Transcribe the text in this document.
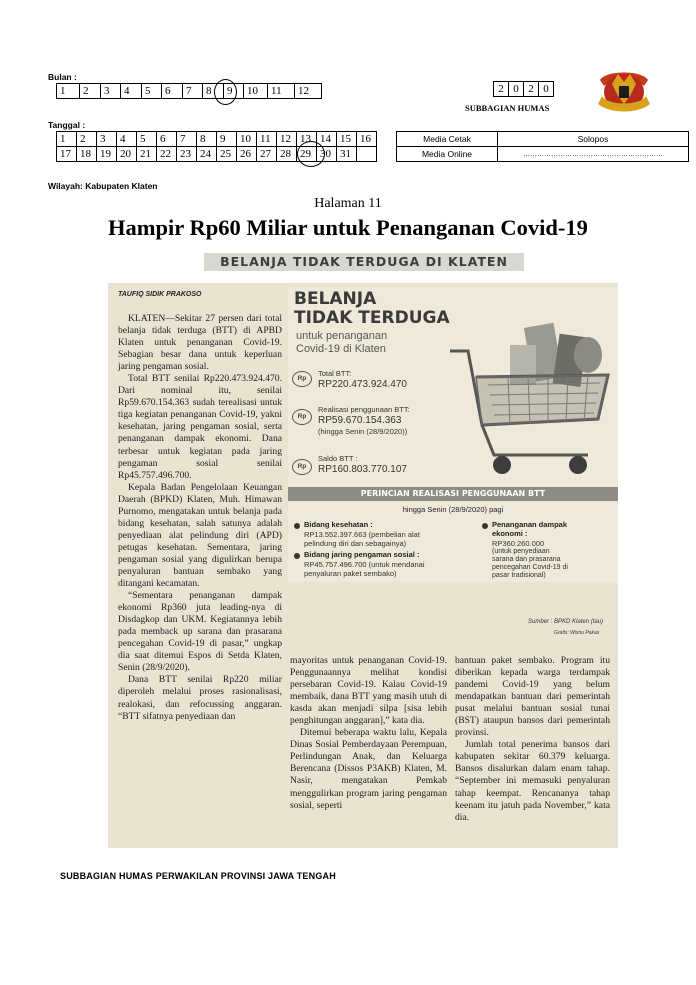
Bulan :
1	2	3	4	5	6	7	8	9	10	11	12	2	0	2	0
SUBBAGIAN HUMAS
Tanggal :
1	2	3	4	5	6	7	8	9	10	11	12	13	14	15	16
17	18	19	20	21	22	23	24	25	26	27	28	29	30	31	
Media Cetak	Solopos
Media Online	……………………………………………………
Wilayah: Kabupaten Klaten
Halaman 11
Hampir Rp60 Miliar untuk Penanganan Covid-19
BELANJA TIDAK TERDUGA DI KLATEN
TAUFIQ SIDIK PRAKOSO

KLATEN—Sekitar 27 persen dari total belanja tidak terduga (BTT) di APBD Klaten untuk penanganan Covid-19. Sebagian besar dana untuk keperluan jaring pengaman sosial.

Total BTT senilai Rp220.473.924.470. Dari nominal itu, senilai Rp59.670.154.363 sudah terealisasi untuk tiga kegiatan penanganan Covid-19, yakni kesehatan, jaring pengaman sosial, serta penanganan dampak ekonomi. Dana terbesar untuk kegiatan pada jaring pengaman sosial senilai Rp45.757.496.700.

Kepala Badan Pengelolaan Keuangan Daerah (BPKD) Klaten, Muh. Himawan Purnomo, mengatakan untuk belanja pada bidang kesehatan, salah satunya adalah penyediaan alat pelindung diri (APD) petugas kesehatan. Sementara, jaring pengaman sosial yang digulirkan berupa penyaluran bantuan sembako yang ditangani kecamatan.

“Sementara penanganan dampak ekonomi Rp360 juta leading-nya di Disdagkop dan UKM. Kegiatannya lebih pada memback up sarana dan prasarana pencegahan Covid-19 di pasar,” ungkap dia saat ditemui Espos di Setda Klaten, Senin (28/9/2020).

Dana BTT senilai Rp220 miliar diperoleh melalui proses rasionalisasi, realokasi, dan refocussing anggaran. “BTT sifatnya penyediaan dan

BELANJA
TIDAK TERDUGA
untuk penanganan
Covid-19 di Klaten
Rp
Total BTT:
RP220.473.924.470
Rp
Realisasi penggunaan BTT:
RP59.670.154.363
(hingga Senin (28/9/2020))
Rp
Saldo BTT :
RP160.803.770.107
PERINCIAN REALISASI PENGGUNAAN BTT
hingga Senin (28/9/2020) pagi
Bidang kesehatan :
RP13.552.397.663 (pembelian alat
pelindung diri dan sebagainya)
Bidang jaring pengaman sosial :
RP45.757.496.700 (untuk mendanai
penyaluran paket sembako)
Penanganan dampak
ekonomi :
RP360.260.000
(untuk penyediaan
sarana dan prasarana
pencegahan Covid-19 di
pasar tradisional)
Sumber : BPKD Klaten (tau)
Grafis: Wisnu Pakas

mayoritas untuk penanganan Covid-19. Penggunaannya melihat kondisi persebaran Covid-19. Kalau Covid-19 membaik, dana BTT yang masih utuh di kasda akan menjadi silpa [sisa lebih penghitungan anggaran],” kata dia.

Ditemui beberapa waktu lalu, Kepala Dinas Sosial Pemberdayaan Perempuan, Perlindungan Anak, dan Keluarga Berencana (Dissos P3AKB) Klaten, M. Nasir, mengatakan Pemkab menggulirkan program jaring pengaman sosial, seperti

bantuan paket sembako. Program itu diberikan kepada warga terdampak pandemi Covid-19 yang belum mendapatkan bantuan dari pemerintah pusat melalui bantuan sosial tunai (BST) ataupun bansos dari pemerintah provinsi.

Jumlah total penerima bansos dari kabupaten sekitar 60.379 keluarga. Bansos disalurkan dalam enam tahap. “September ini memasuki penyaluran tahap keempat. Rencananya tahap keenam itu jatuh pada November,” kata dia.

SUBBAGIAN HUMAS PERWAKILAN PROVINSI JAWA TENGAH
